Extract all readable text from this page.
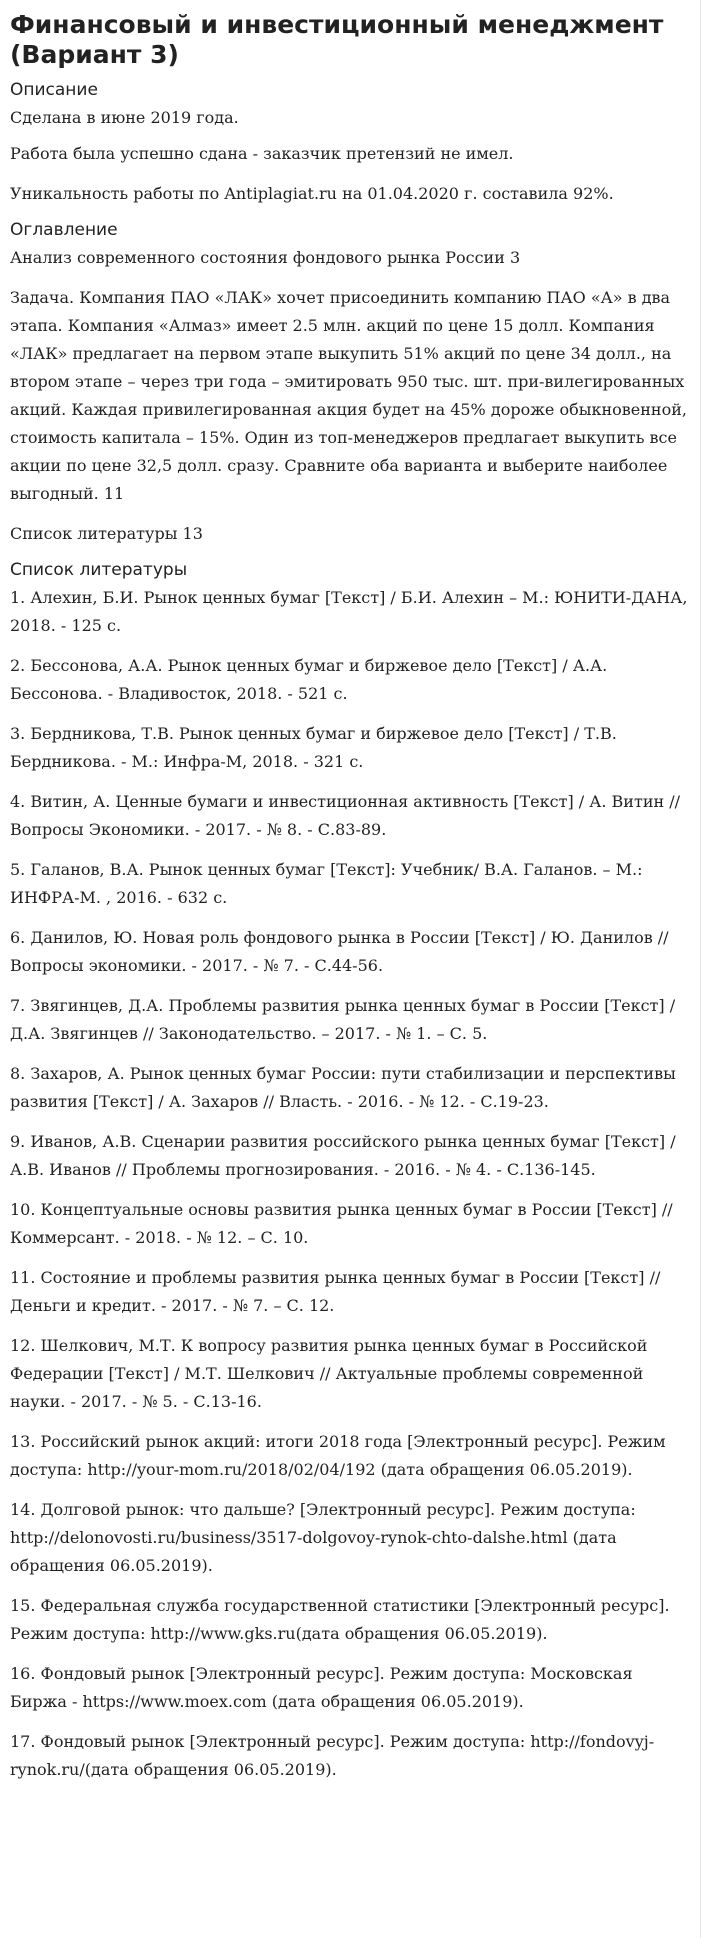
Финансовый и инвестиционный менеджмент (Вариант 3)
Описание

Сделана в июне 2019 года.

Работа была успешно сдана - заказчик претензий не имел.

Уникальность работы по Antiplagiat.ru на 01.04.2020 г. составила 92%.

Оглавление

Анализ современного состояния фондового рынка России 3

Задача. Компания ПАО «ЛАК» хочет присоединить компанию ПАО «А» в два этапа. Компания «Алмаз» имеет 2.5 млн. акций по цене 15 долл. Компания «ЛАК» предлагает на первом этапе выкупить 51% акций по цене 34 долл., на втором этапе – через три года – эмитировать 950 тыс. шт. при-вилегированных акций. Каждая привилегированная акция будет на 45% дороже обыкновенной, стоимость капитала – 15%. Один из топ-менеджеров предлагает выкупить все акции по цене 32,5 долл. сразу. Сравните оба варианта и выберите наиболее выгодный. 11

Список литературы 13

Список литературы
1. Алехин, Б.И. Рынок ценных бумаг [Текст] / Б.И. Алехин – М.: ЮНИТИ-ДАНА, 2018. - 125 с.
2. Бессонова, А.А. Рынок ценных бумаг и биржевое дело [Текст] / А.А. Бессонова. - Владивосток, 2018. - 521 с.
3. Бердникова, Т.В. Рынок ценных бумаг и биржевое дело [Текст] / Т.В. Бердникова. - М.: Инфра-М, 2018. - 321 с.
4. Витин, А. Ценные бумаги и инвестиционная активность [Текст] / А. Витин // Вопросы Экономики. - 2017. - № 8. - С.83-89.
5. Галанов, В.А. Рынок ценных бумаг [Текст]: Учебник/ В.А. Галанов. – М.: ИНФРА-М. , 2016. - 632 с.
6. Данилов, Ю. Новая роль фондового рынка в России [Текст] / Ю. Данилов // Вопросы экономики. - 2017. - № 7. - С.44-56.
7. Звягинцев, Д.А. Проблемы развития рынка ценных бумаг в России [Текст] / Д.А. Звягинцев // Законодательство. – 2017. - № 1. – С. 5.
8. Захаров, А. Рынок ценных бумаг России: пути стабилизации и перспективы развития [Текст] / А. Захаров // Власть. - 2016. - № 12. - С.19-23.
9. Иванов, А.В. Сценарии развития российского рынка ценных бумаг [Текст] / А.В. Иванов // Проблемы прогнозирования. - 2016. - № 4. - С.136-145.
10. Концептуальные основы развития рынка ценных бумаг в России [Текст] //Коммерсант. - 2018. - № 12. – С. 10.
11. Состояние и проблемы развития рынка ценных бумаг в России [Текст] // Деньги и кредит. - 2017. - № 7. – С. 12.
12. Шелкович, М.Т. К вопросу развития рынка ценных бумаг в Российской Федерации [Текст] / М.Т. Шелкович // Актуальные проблемы современной науки. - 2017. - № 5. - С.13-16.
13. Российский рынок акций: итоги 2018 года [Электронный ресурс]. Режим доступа: http://your-mom.ru/2018/02/04/192 (дата обращения 06.05.2019).
14. Долговой рынок: что дальше? [Электронный ресурс]. Режим доступа: http://delonovosti.ru/business/3517-dolgovoy-rynok-chto-dalshe.html (дата обращения 06.05.2019).
15. Федеральная служба государственной статистики [Электронный ресурс]. Режим доступа: http://www.gks.ru(дата обращения 06.05.2019).
16. Фондовый рынок [Электронный ресурс]. Режим доступа: Московская Биржа - https://www.moex.com (дата обращения 06.05.2019).
17. Фондовый рынок [Электронный ресурс]. Режим доступа: http://fondovyj-rynok.ru/(дата обращения 06.05.2019).
